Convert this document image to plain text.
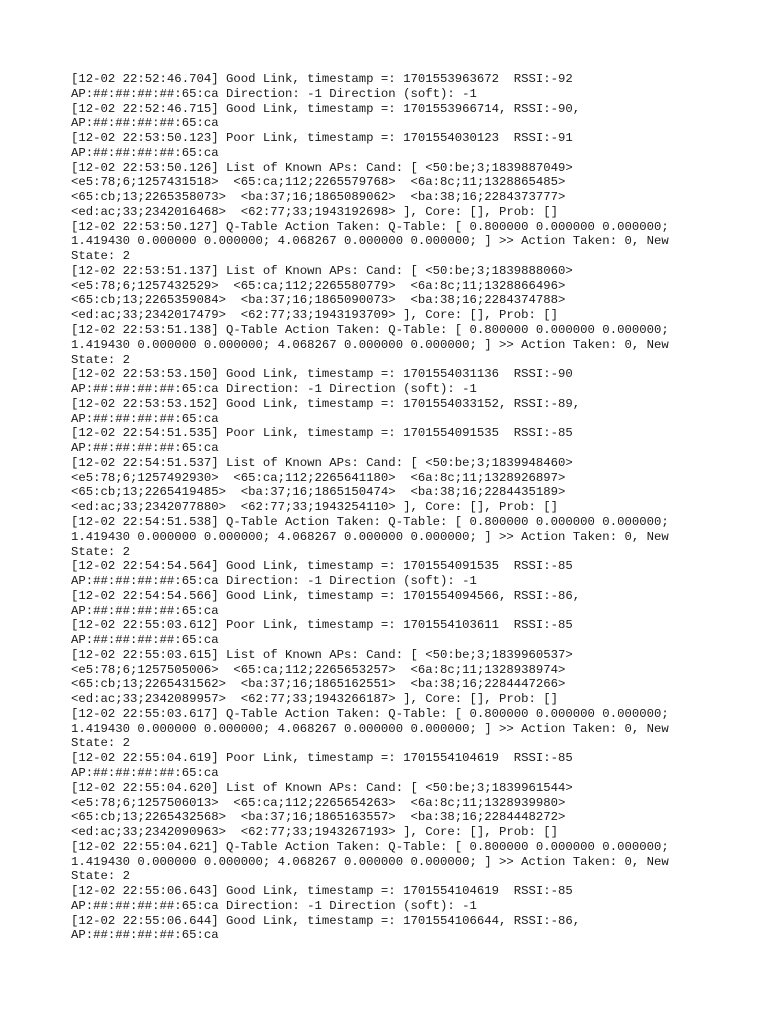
[12-02 22:52:46.704] Good Link, timestamp =: 1701553963672  RSSI:-92
AP:##:##:##:##:65:ca Direction: -1 Direction (soft): -1
[12-02 22:52:46.715] Good Link, timestamp =: 1701553966714, RSSI:-90,
AP:##:##:##:##:65:ca
[12-02 22:53:50.123] Poor Link, timestamp =: 1701554030123  RSSI:-91
AP:##:##:##:##:65:ca
[12-02 22:53:50.126] List of Known APs: Cand: [ <50:be;3;1839887049>
<e5:78;6;1257431518>  <65:ca;112;2265579768>  <6a:8c;11;1328865485>
<65:cb;13;2265358073>  <ba:37;16;1865089062>  <ba:38;16;2284373777>
<ed:ac;33;2342016468>  <62:77;33;1943192698> ], Core: [], Prob: []
[12-02 22:53:50.127] Q-Table Action Taken: Q-Table: [ 0.800000 0.000000 0.000000;
1.419430 0.000000 0.000000; 4.068267 0.000000 0.000000; ] >> Action Taken: 0, New
State: 2
[12-02 22:53:51.137] List of Known APs: Cand: [ <50:be;3;1839888060>
<e5:78;6;1257432529>  <65:ca;112;2265580779>  <6a:8c;11;1328866496>
<65:cb;13;2265359084>  <ba:37;16;1865090073>  <ba:38;16;2284374788>
<ed:ac;33;2342017479>  <62:77;33;1943193709> ], Core: [], Prob: []
[12-02 22:53:51.138] Q-Table Action Taken: Q-Table: [ 0.800000 0.000000 0.000000;
1.419430 0.000000 0.000000; 4.068267 0.000000 0.000000; ] >> Action Taken: 0, New
State: 2
[12-02 22:53:53.150] Good Link, timestamp =: 1701554031136  RSSI:-90
AP:##:##:##:##:65:ca Direction: -1 Direction (soft): -1
[12-02 22:53:53.152] Good Link, timestamp =: 1701554033152, RSSI:-89,
AP:##:##:##:##:65:ca
[12-02 22:54:51.535] Poor Link, timestamp =: 1701554091535  RSSI:-85
AP:##:##:##:##:65:ca
[12-02 22:54:51.537] List of Known APs: Cand: [ <50:be;3;1839948460>
<e5:78;6;1257492930>  <65:ca;112;2265641180>  <6a:8c;11;1328926897>
<65:cb;13;2265419485>  <ba:37;16;1865150474>  <ba:38;16;2284435189>
<ed:ac;33;2342077880>  <62:77;33;1943254110> ], Core: [], Prob: []
[12-02 22:54:51.538] Q-Table Action Taken: Q-Table: [ 0.800000 0.000000 0.000000;
1.419430 0.000000 0.000000; 4.068267 0.000000 0.000000; ] >> Action Taken: 0, New
State: 2
[12-02 22:54:54.564] Good Link, timestamp =: 1701554091535  RSSI:-85
AP:##:##:##:##:65:ca Direction: -1 Direction (soft): -1
[12-02 22:54:54.566] Good Link, timestamp =: 1701554094566, RSSI:-86,
AP:##:##:##:##:65:ca
[12-02 22:55:03.612] Poor Link, timestamp =: 1701554103611  RSSI:-85
AP:##:##:##:##:65:ca
[12-02 22:55:03.615] List of Known APs: Cand: [ <50:be;3;1839960537>
<e5:78;6;1257505006>  <65:ca;112;2265653257>  <6a:8c;11;1328938974>
<65:cb;13;2265431562>  <ba:37;16;1865162551>  <ba:38;16;2284447266>
<ed:ac;33;2342089957>  <62:77;33;1943266187> ], Core: [], Prob: []
[12-02 22:55:03.617] Q-Table Action Taken: Q-Table: [ 0.800000 0.000000 0.000000;
1.419430 0.000000 0.000000; 4.068267 0.000000 0.000000; ] >> Action Taken: 0, New
State: 2
[12-02 22:55:04.619] Poor Link, timestamp =: 1701554104619  RSSI:-85
AP:##:##:##:##:65:ca
[12-02 22:55:04.620] List of Known APs: Cand: [ <50:be;3;1839961544>
<e5:78;6;1257506013>  <65:ca;112;2265654263>  <6a:8c;11;1328939980>
<65:cb;13;2265432568>  <ba:37;16;1865163557>  <ba:38;16;2284448272>
<ed:ac;33;2342090963>  <62:77;33;1943267193> ], Core: [], Prob: []
[12-02 22:55:04.621] Q-Table Action Taken: Q-Table: [ 0.800000 0.000000 0.000000;
1.419430 0.000000 0.000000; 4.068267 0.000000 0.000000; ] >> Action Taken: 0, New
State: 2
[12-02 22:55:06.643] Good Link, timestamp =: 1701554104619  RSSI:-85
AP:##:##:##:##:65:ca Direction: -1 Direction (soft): -1
[12-02 22:55:06.644] Good Link, timestamp =: 1701554106644, RSSI:-86,
AP:##:##:##:##:65:ca
